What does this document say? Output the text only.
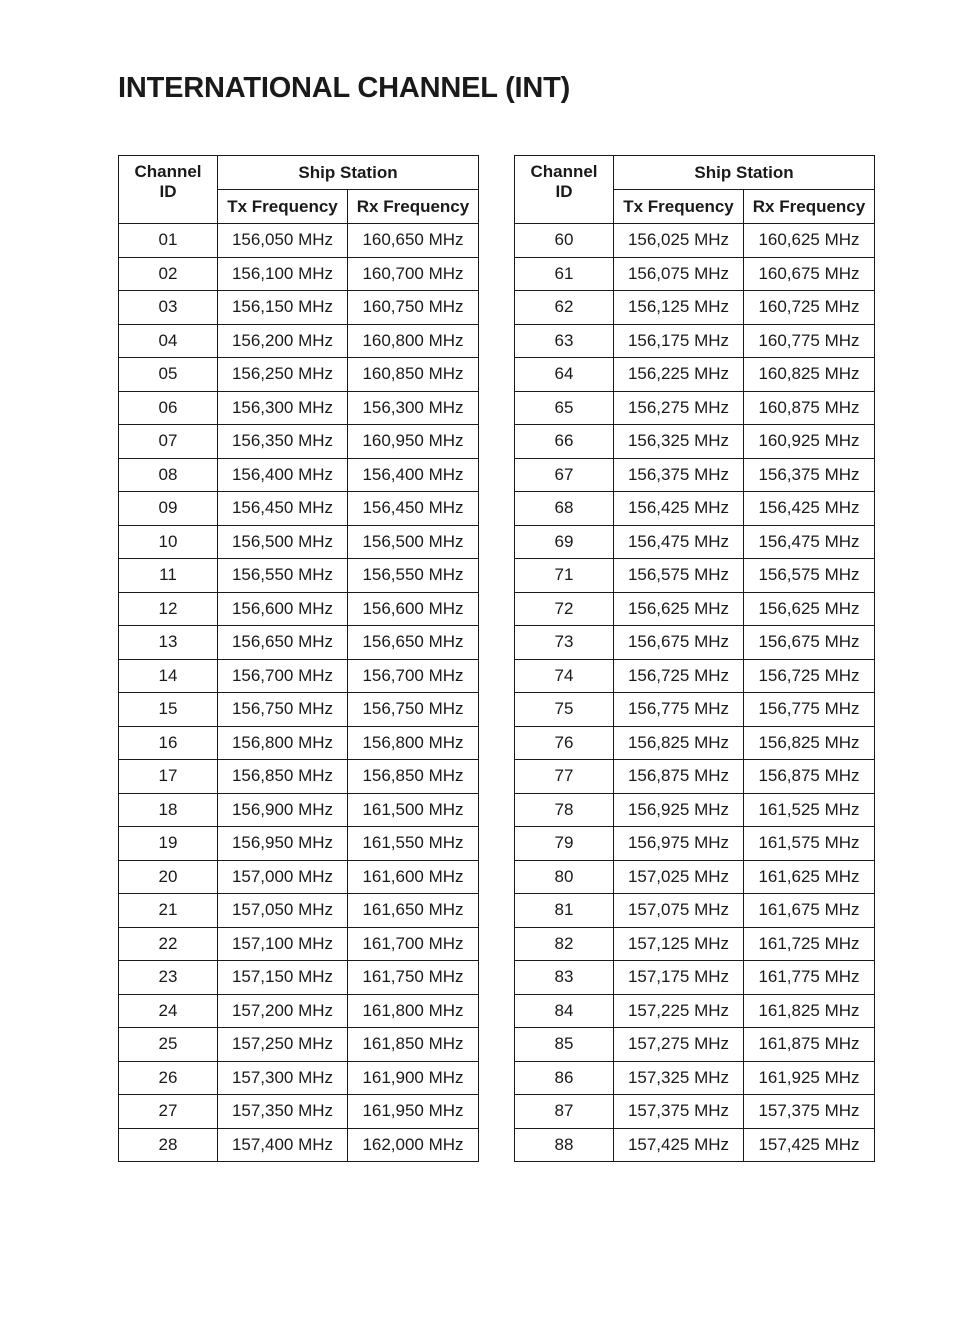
INTERNATIONAL CHANNEL (INT)
Channel
ID	Ship Station	
	Tx Frequency	Rx Frequency
01	156,050 MHz	160,650 MHz
02	156,100 MHz	160,700 MHz
03	156,150 MHz	160,750 MHz
04	156,200 MHz	160,800 MHz
05	156,250 MHz	160,850 MHz
06	156,300 MHz	156,300 MHz
07	156,350 MHz	160,950 MHz
08	156,400 MHz	156,400 MHz
09	156,450 MHz	156,450 MHz
10	156,500 MHz	156,500 MHz
11	156,550 MHz	156,550 MHz
12	156,600 MHz	156,600 MHz
13	156,650 MHz	156,650 MHz
14	156,700 MHz	156,700 MHz
15	156,750 MHz	156,750 MHz
16	156,800 MHz	156,800 MHz
17	156,850 MHz	156,850 MHz
18	156,900 MHz	161,500 MHz
19	156,950 MHz	161,550 MHz
20	157,000 MHz	161,600 MHz
21	157,050 MHz	161,650 MHz
22	157,100 MHz	161,700 MHz
23	157,150 MHz	161,750 MHz
24	157,200 MHz	161,800 MHz
25	157,250 MHz	161,850 MHz
26	157,300 MHz	161,900 MHz
27	157,350 MHz	161,950 MHz
28	157,400 MHz	162,000 MHz
Channel
ID	Ship Station	
	Tx Frequency	Rx Frequency
60	156,025 MHz	160,625 MHz
61	156,075 MHz	160,675 MHz
62	156,125 MHz	160,725 MHz
63	156,175 MHz	160,775 MHz
64	156,225 MHz	160,825 MHz
65	156,275 MHz	160,875 MHz
66	156,325 MHz	160,925 MHz
67	156,375 MHz	156,375 MHz
68	156,425 MHz	156,425 MHz
69	156,475 MHz	156,475 MHz
71	156,575 MHz	156,575 MHz
72	156,625 MHz	156,625 MHz
73	156,675 MHz	156,675 MHz
74	156,725 MHz	156,725 MHz
75	156,775 MHz	156,775 MHz
76	156,825 MHz	156,825 MHz
77	156,875 MHz	156,875 MHz
78	156,925 MHz	161,525 MHz
79	156,975 MHz	161,575 MHz
80	157,025 MHz	161,625 MHz
81	157,075 MHz	161,675 MHz
82	157,125 MHz	161,725 MHz
83	157,175 MHz	161,775 MHz
84	157,225 MHz	161,825 MHz
85	157,275 MHz	161,875 MHz
86	157,325 MHz	161,925 MHz
87	157,375 MHz	157,375 MHz
88	157,425 MHz	157,425 MHz
